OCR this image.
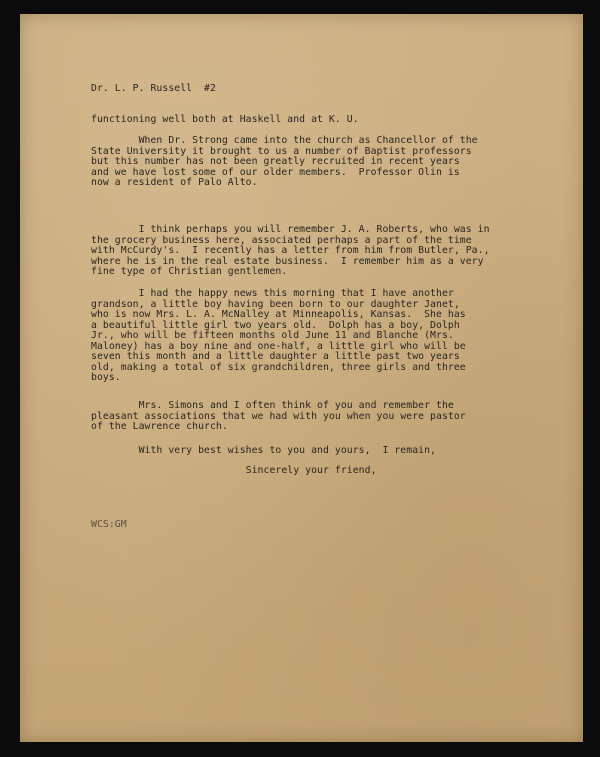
Dr. L. P. Russell  #2
functioning well both at Haskell and at K. U.
When Dr. Strong came into the church as Chancellor of the
State University it brought to us a number of Baptist professors
but this number has not been greatly recruited in recent years
and we have lost some of our older members.  Professor Olin is
now a resident of Palo Alto.
I think perhaps you will remember J. A. Roberts, who was in
the grocery business here, associated perhaps a part of the time
with McCurdy's.  I recently has a letter from him from Butler, Pa.,
where he is in the real estate business.  I remember him as a very
fine type of Christian gentlemen.
I had the happy news this morning that I have another
grandson, a little boy having been born to our daughter Janet,
who is now Mrs. L. A. McNalley at Minneapolis, Kansas.  She has
a beautiful little girl two years old.  Dolph has a boy, Dolph
Jr., who will be fifteen months old June 11 and Blanche (Mrs.
Maloney) has a boy nine and one-half, a little girl who will be
seven this month and a little daughter a little past two years
old, making a total of six grandchildren, three girls and three
boys.
Mrs. Simons and I often think of you and remember the
pleasant associations that we had with you when you were pastor
of the Lawrence church.
With very best wishes to you and yours,  I remain,
Sincerely your friend,
WCS:GM
